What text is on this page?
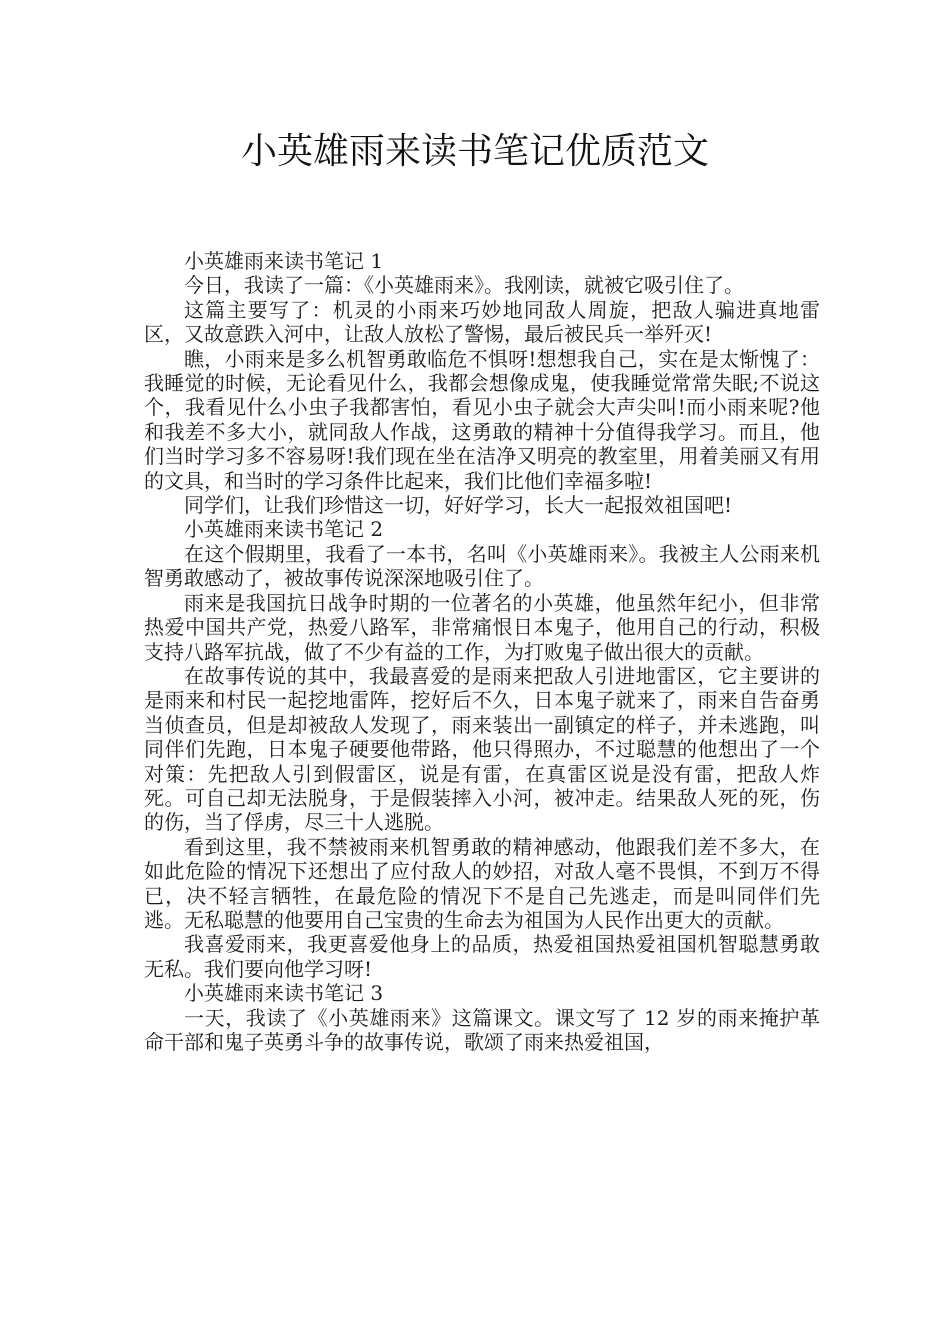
小英雄雨来读书笔记优质范文

小英雄雨来读书笔记 1

今日，我读了一篇：《小英雄雨来》。我刚读，就被它吸引住了。

这篇主要写了：机灵的小雨来巧妙地同敌人周旋，把敌人骗进真地雷区，又故意跌入河中，让敌人放松了警惕，最后被民兵一举歼灭!

瞧，小雨来是多么机智勇敢临危不惧呀!想想我自己，实在是太惭愧了：我睡觉的时候，无论看见什么，我都会想像成鬼，使我睡觉常常失眠;不说这个，我看见什么小虫子我都害怕，看见小虫子就会大声尖叫!而小雨来呢?他和我差不多大小，就同敌人作战，这勇敢的精神十分值得我学习。而且，他们当时学习多不容易呀!我们现在坐在洁净又明亮的教室里，用着美丽又有用的文具，和当时的学习条件比起来，我们比他们幸福多啦!

同学们，让我们珍惜这一切，好好学习，长大一起报效祖国吧!

小英雄雨来读书笔记 2

在这个假期里，我看了一本书，名叫《小英雄雨来》。我被主人公雨来机智勇敢感动了，被故事传说深深地吸引住了。

雨来是我国抗日战争时期的一位著名的小英雄，他虽然年纪小，但非常热爱中国共产党，热爱八路军，非常痛恨日本鬼子，他用自己的行动，积极支持八路军抗战，做了不少有益的工作，为打败鬼子做出很大的贡献。

在故事传说的其中，我最喜爱的是雨来把敌人引进地雷区，它主要讲的是雨来和村民一起挖地雷阵，挖好后不久，日本鬼子就来了，雨来自告奋勇当侦查员，但是却被敌人发现了，雨来装出一副镇定的样子，并未逃跑，叫同伴们先跑，日本鬼子硬要他带路，他只得照办，不过聪慧的他想出了一个对策：先把敌人引到假雷区，说是有雷，在真雷区说是没有雷，把敌人炸死。可自己却无法脱身，于是假装摔入小河，被冲走。结果敌人死的死，伤的伤，当了俘虏，尽三十人逃脱。

看到这里，我不禁被雨来机智勇敢的精神感动，他跟我们差不多大，在如此危险的情况下还想出了应付敌人的妙招，对敌人毫不畏惧，不到万不得已，决不轻言牺牲，在最危险的情况下不是自己先逃走，而是叫同伴们先逃。无私聪慧的他要用自己宝贵的生命去为祖国为人民作出更大的贡献。

我喜爱雨来，我更喜爱他身上的品质，热爱祖国热爱祖国机智聪慧勇敢无私。我们要向他学习呀!

小英雄雨来读书笔记 3

一天，我读了《小英雄雨来》这篇课文。课文写了 12 岁的雨来掩护革命干部和鬼子英勇斗争的故事传说，歌颂了雨来热爱祖国，
